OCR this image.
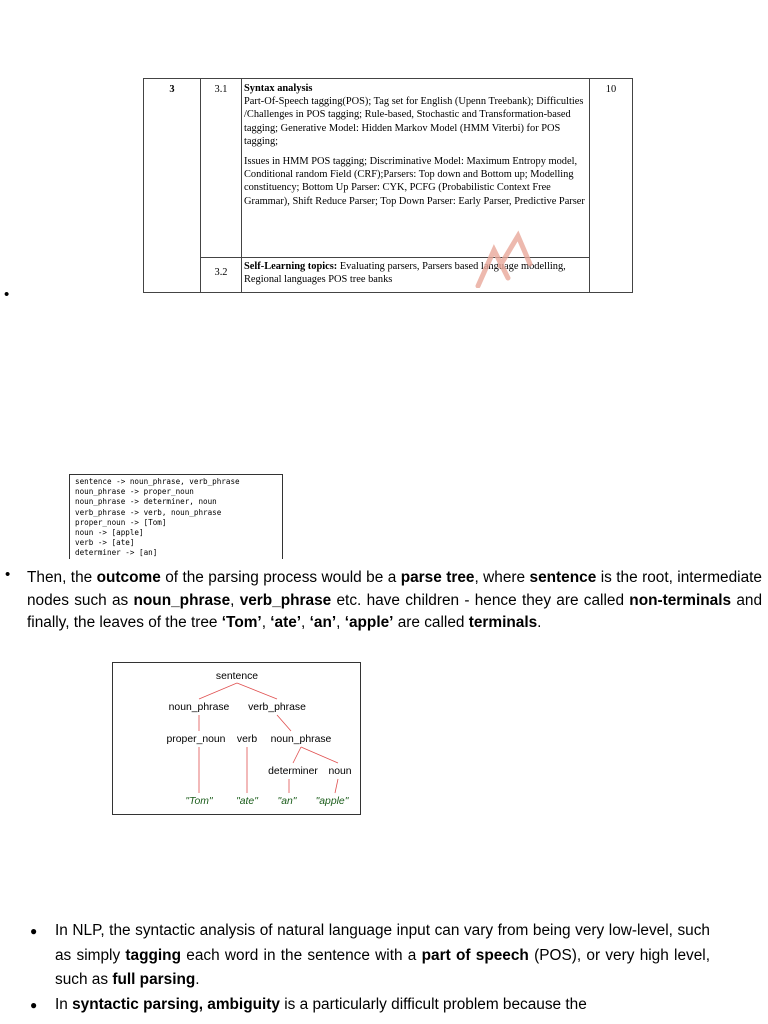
3	3.1	Syntax analysis

Part-Of-Speech tagging(POS); Tag set for English (Upenn Treebank); Difficulties /Challenges in POS tagging; Rule-based, Stochastic and Transformation-based tagging; Generative Model: Hidden Markov Model (HMM Viterbi) for POS tagging;

Issues in HMM POS tagging; Discriminative Model: Maximum Entropy model, Conditional random Field (CRF);Parsers: Top down and Bottom up; Modelling constituency; Bottom Up Parser: CYK, PCFG (Probabilistic Context Free Grammar), Shift Reduce Parser; Top Down Parser: Early Parser, Predictive Parser	10
	3.2	Self-Learning topics: Evaluating parsers, Parsers based language modelling, Regional languages POS tree banks	
•
sentence -> noun_phrase, verb_phrase
noun_phrase -> proper_noun
noun_phrase -> determiner, noun
verb_phrase -> verb, noun_phrase
proper_noun -> [Tom]
noun -> [apple]
verb -> [ate]
determiner -> [an]
• Then, the outcome of the parsing process would be a parse tree, where sentence is the root, intermediate nodes such as noun_phrase, verb_phrase etc. have children - hence they are called non-terminals and finally, the leaves of the tree ‘Tom’, ‘ate’, ‘an’, ‘apple’ are called terminals.
sentence
noun_phrase verb_phrase
proper_noun verb noun_phrase
determiner noun
"Tom" "ate" "an" "apple"
● In NLP, the syntactic analysis of natural language input can vary from being very low-level, such as simply tagging each word in the sentence with a part of speech (POS), or very high level, such as full parsing.
● In syntactic parsing, ambiguity is a particularly difficult problem because the
